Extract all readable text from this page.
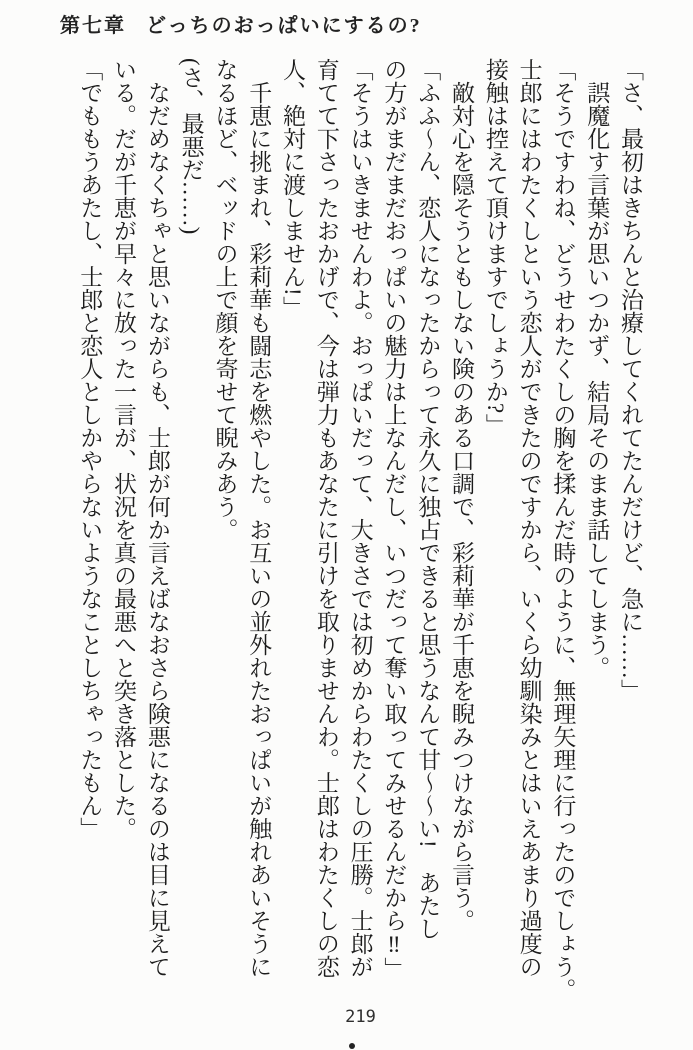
第七章 どっちのおっぱいにするの?

「さ、最初はきちんと治療してくれてたんだけど、急に……」

　誤魔化す言葉が思いつかず、結局そのまま話してしまう。

「そうですわね、どうせわたくしの胸を揉んだ時のように、無理矢理に行ったのでしょう。

士郎にはわたくしという恋人ができたのですから、いくら幼馴染みとはいえあまり過度の

接触は控えて頂けますでしょうか?」

　敵対心を隠そうともしない険のある口調で、彩莉華が千恵を睨みつけながら言う。

「ふふ〜ん、恋人になったからって永久に独占できると思うなんて甘〜〜い!　あたし

の方がまだまだおっぱいの魅力は上なんだし、いつだって奪い取ってみせるんだから‼」

「そうはいきませんわよ。おっぱいだって、大きさでは初めからわたくしの圧勝。士郎が

育てて下さったおかげで、今は弾力もあなたに引けを取りませんわ。士郎はわたくしの恋

人、絶対に渡しません!」

　千恵に挑まれ、彩莉華も闘志を燃やした。お互いの並外れたおっぱいが触れあいそうに

なるほど、ベッドの上で顔を寄せて睨みあう。

(さ、最悪だ……)

　なだめなくちゃと思いながらも、士郎が何か言えばなおさら険悪になるのは目に見えて

いる。だが千恵が早々に放った一言が、状況を真の最悪へと突き落とした。

「でももうあたし、士郎と恋人としかやらないようなことしちゃったもん」

219
